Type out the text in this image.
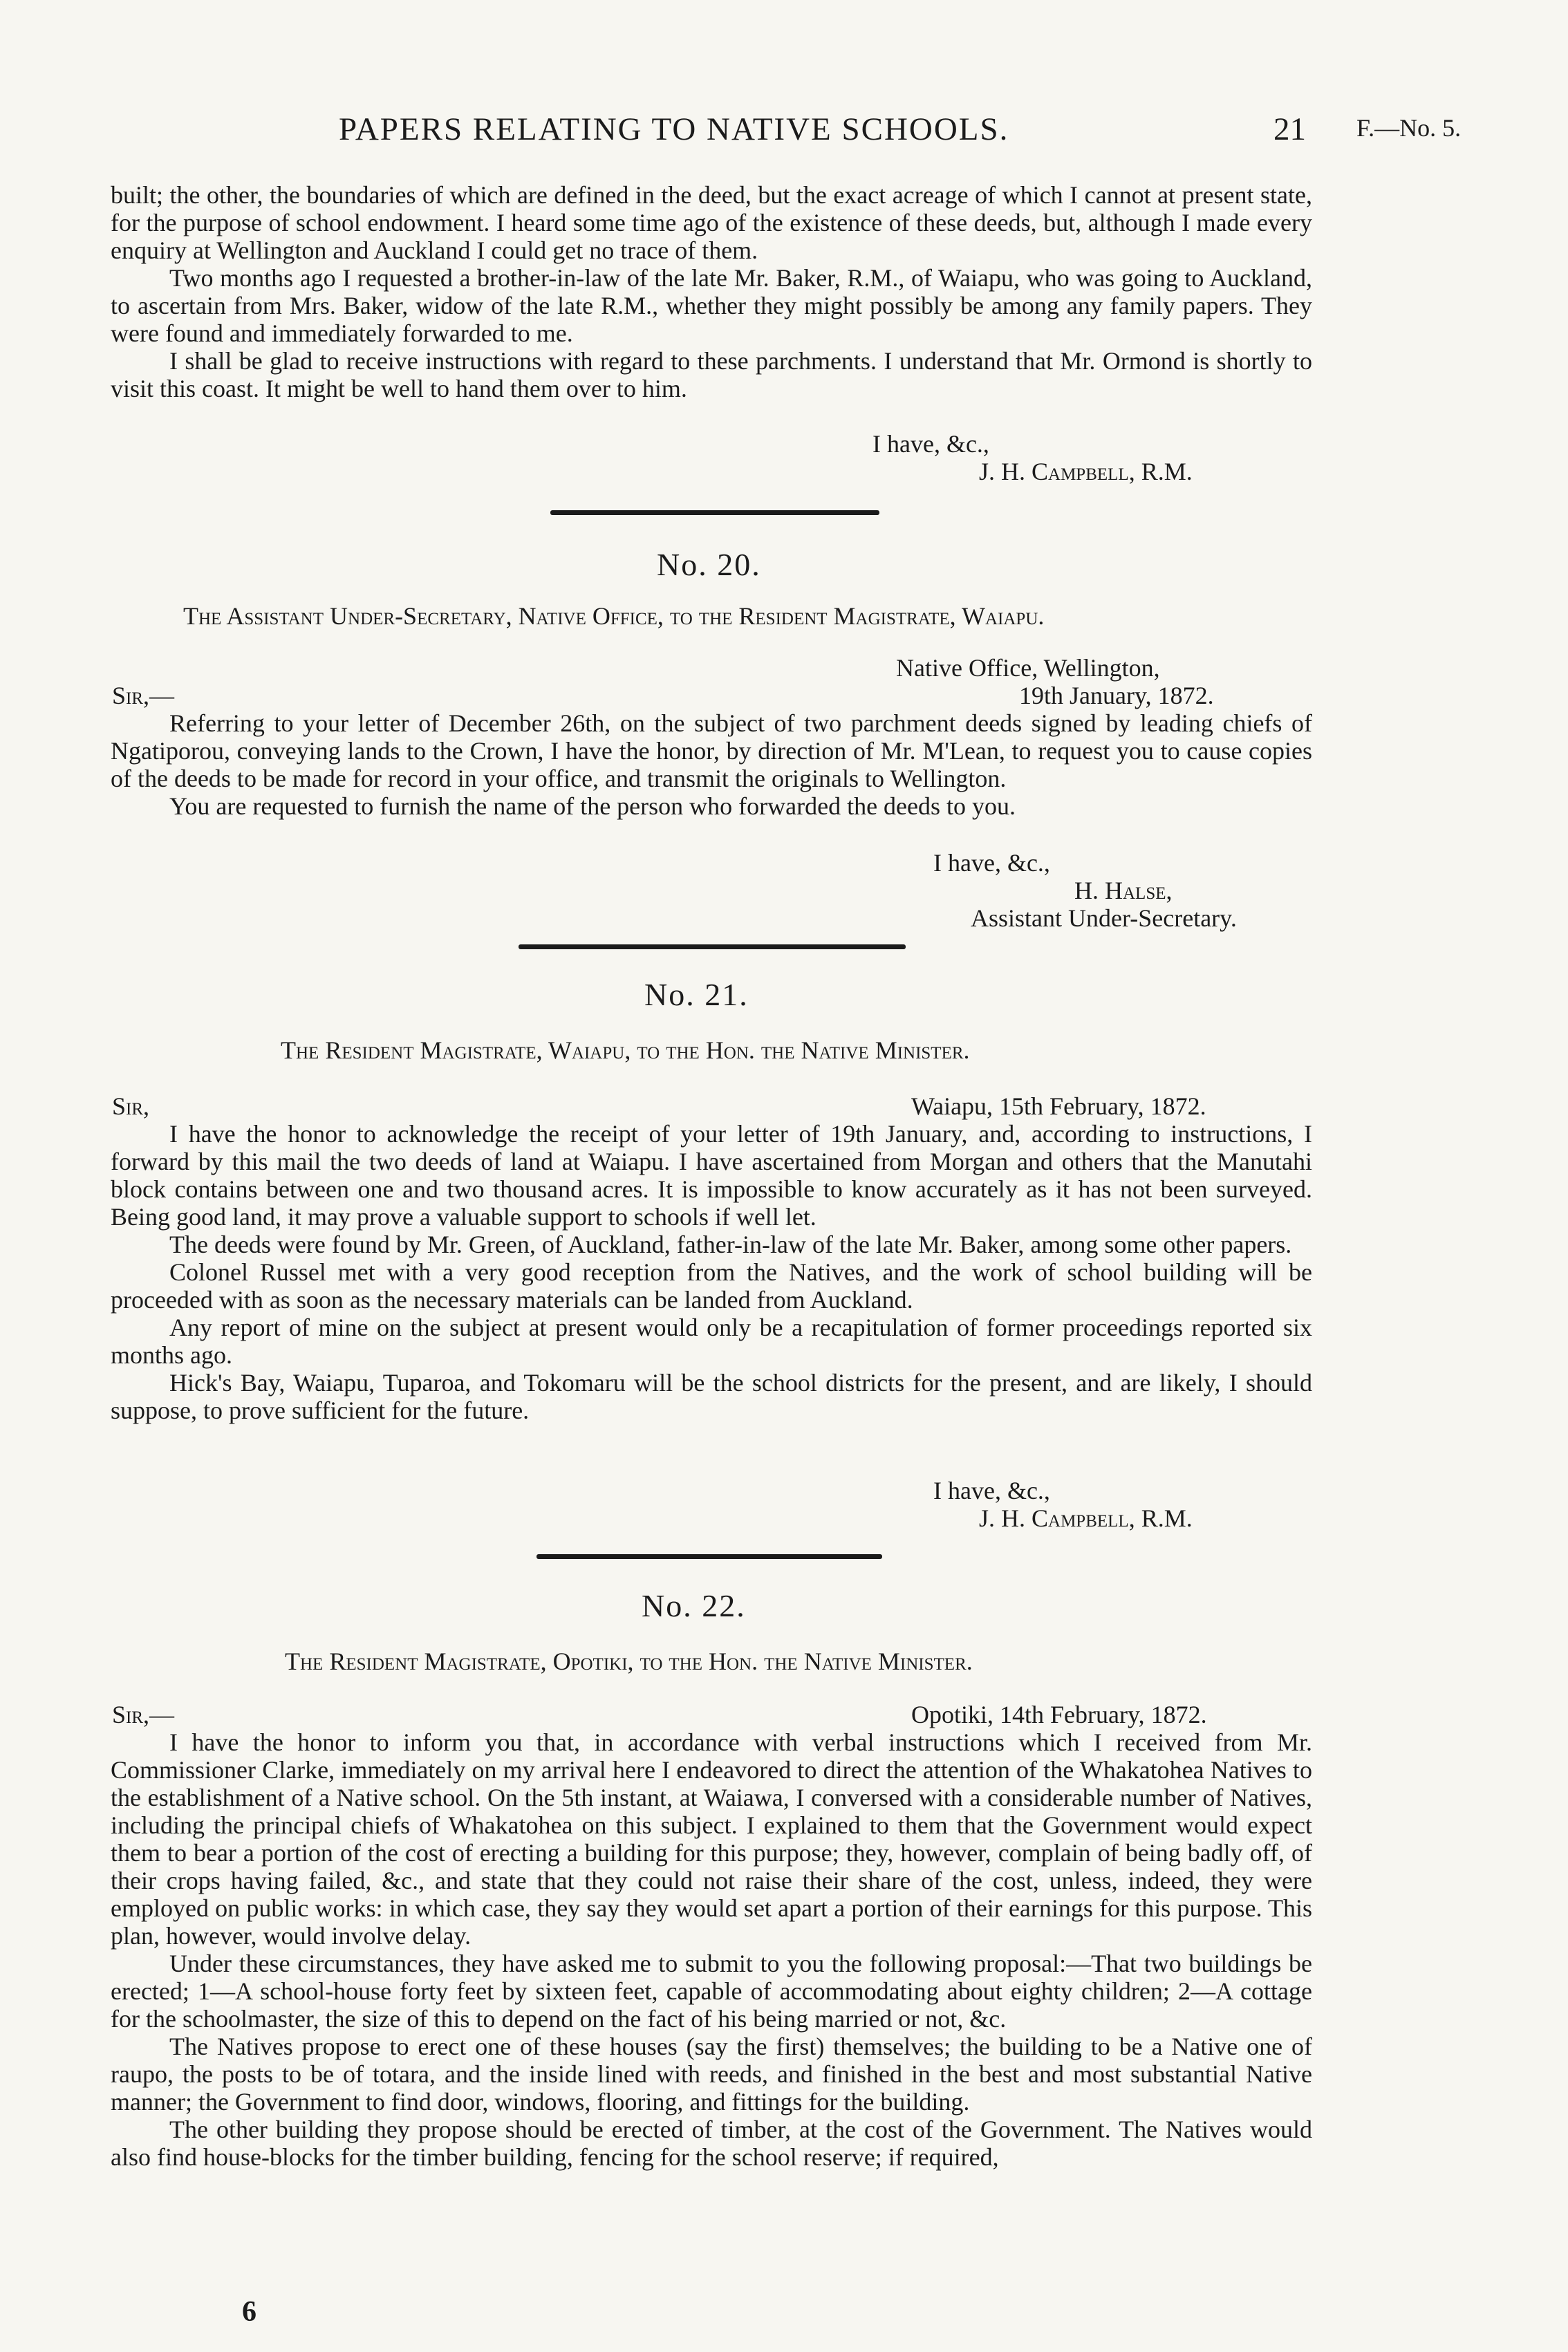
PAPERS RELATING TO NATIVE SCHOOLS.	21 F.—No. 5.

built; the other, the boundaries of which are defined in the deed, but the exact acreage of which I cannot at present state, for the purpose of school endowment. I heard some time ago of the existence of these deeds, but, although I made every enquiry at Wellington and Auckland I could get no trace of them.

Two months ago I requested a brother-in-law of the late Mr. Baker, R.M., of Waiapu, who was going to Auckland, to ascertain from Mrs. Baker, widow of the late R.M., whether they might possibly be among any family papers. They were found and immediately forwarded to me.

I shall be glad to receive instructions with regard to these parchments. I understand that Mr. Ormond is shortly to visit this coast. It might be well to hand them over to him.

I have, &c.,
J. H. Campbell, R.M.
No. 20.
The Assistant Under-Secretary, Native Office, to the Resident Magistrate, Waiapu.
Native Office, Wellington,
Sir,—	19th January, 1872.

Referring to your letter of December 26th, on the subject of two parchment deeds signed by leading chiefs of Ngatiporou, conveying lands to the Crown, I have the honor, by direction of Mr. M'Lean, to request you to cause copies of the deeds to be made for record in your office, and transmit the originals to Wellington.

You are requested to furnish the name of the person who forwarded the deeds to you.

I have, &c.,
H. Halse,
Assistant Under-Secretary.
No. 21.
The Resident Magistrate, Waiapu, to the Hon. the Native Minister.
Sir,	Waiapu, 15th February, 1872.

I have the honor to acknowledge the receipt of your letter of 19th January, and, according to instructions, I forward by this mail the two deeds of land at Waiapu. I have ascertained from Morgan and others that the Manutahi block contains between one and two thousand acres. It is impossible to know accurately as it has not been surveyed. Being good land, it may prove a valuable support to schools if well let.

The deeds were found by Mr. Green, of Auckland, father-in-law of the late Mr. Baker, among some other papers.

Colonel Russel met with a very good reception from the Natives, and the work of school building will be proceeded with as soon as the necessary materials can be landed from Auckland.

Any report of mine on the subject at present would only be a recapitulation of former proceedings reported six months ago.

Hick's Bay, Waiapu, Tuparoa, and Tokomaru will be the school districts for the present, and are likely, I should suppose, to prove sufficient for the future.

I have, &c.,
J. H. Campbell, R.M.
No. 22.
The Resident Magistrate, Opotiki, to the Hon. the Native Minister.
Sir,—	Opotiki, 14th February, 1872.

I have the honor to inform you that, in accordance with verbal instructions which I received from Mr. Commissioner Clarke, immediately on my arrival here I endeavored to direct the attention of the Whakatohea Natives to the establishment of a Native school. On the 5th instant, at Waiawa, I conversed with a considerable number of Natives, including the principal chiefs of Whakatohea on this subject. I explained to them that the Government would expect them to bear a portion of the cost of erecting a building for this purpose; they, however, complain of being badly off, of their crops having failed, &c., and state that they could not raise their share of the cost, unless, indeed, they were employed on public works: in which case, they say they would set apart a portion of their earnings for this purpose. This plan, however, would involve delay.

Under these circumstances, they have asked me to submit to you the following proposal:—That two buildings be erected; 1—A school-house forty feet by sixteen feet, capable of accommodating about eighty children; 2—A cottage for the schoolmaster, the size of this to depend on the fact of his being married or not, &c.

The Natives propose to erect one of these houses (say the first) themselves; the building to be a Native one of raupo, the posts to be of totara, and the inside lined with reeds, and finished in the best and most substantial Native manner; the Government to find door, windows, flooring, and fittings for the building.

The other building they propose should be erected of timber, at the cost of the Government. The Natives would also find house-blocks for the timber building, fencing for the school reserve; if required,

6
